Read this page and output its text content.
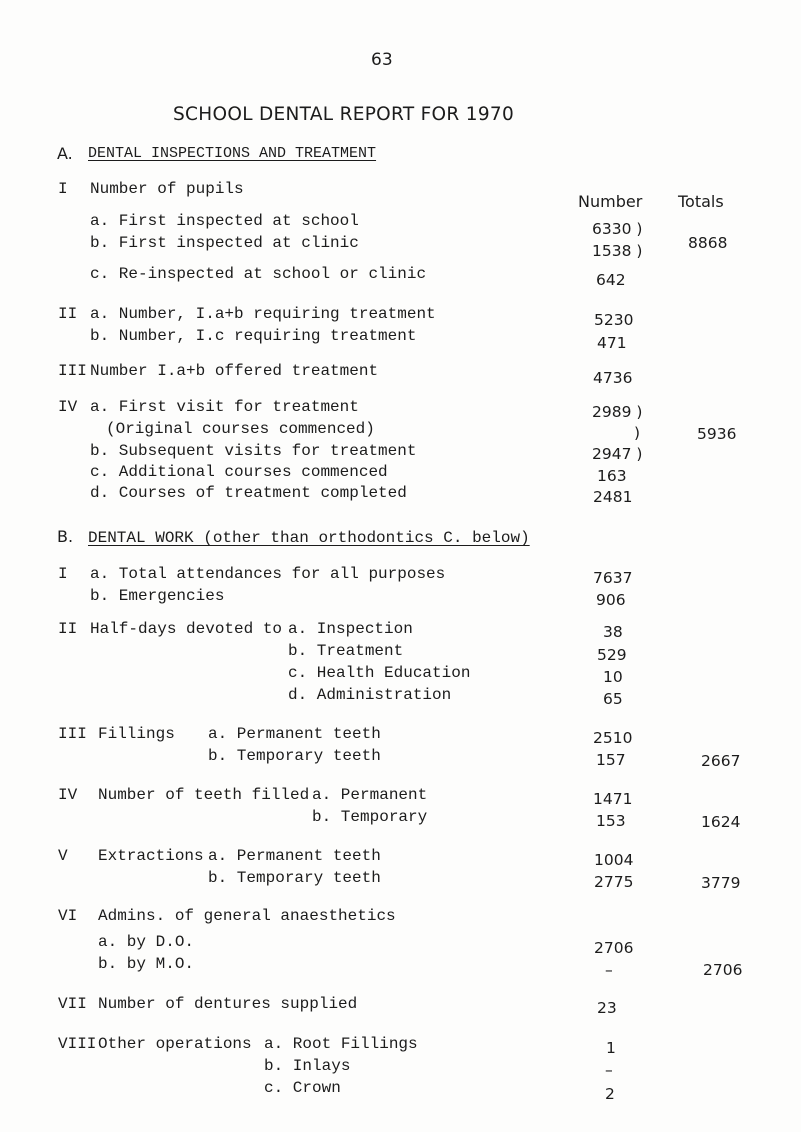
63
SCHOOL DENTAL REPORT FOR 1970
A. DENTAL INSPECTIONS AND TREATMENT
I Number of pupils
Number Totals
a. First inspected at school	6330 )
b. First inspected at clinic	1538 )	8868
c. Re-inspected at school or clinic	642
II a. Number, I.a+b requiring treatment	5230
b. Number, I.c requiring treatment	471
III Number I.a+b offered treatment	4736
IV a. First visit for treatment	2989 )
(Original courses commenced)	)	5936
b. Subsequent visits for treatment	2947 )
c. Additional courses commenced	163
d. Courses of treatment completed	2481
B. DENTAL WORK (other than orthodontics C. below)
I a. Total attendances for all purposes	7637
b. Emergencies	906
II Half-days devoted to a. Inspection	38
b. Treatment	529
c. Health Education	10
d. Administration	65
III Fillings a. Permanent teeth	2510
b. Temporary teeth	157	2667
IV Number of teeth filled a. Permanent	1471
b. Temporary	153	1624
V Extractions a. Permanent teeth	1004
b. Temporary teeth	2775	3779
VI Admins. of general anaesthetics
a. by D.O.	2706
b. by M.O.	–	2706
VII Number of dentures supplied	23
VIII Other operations a. Root Fillings	1
b. Inlays	–
c. Crown	2
